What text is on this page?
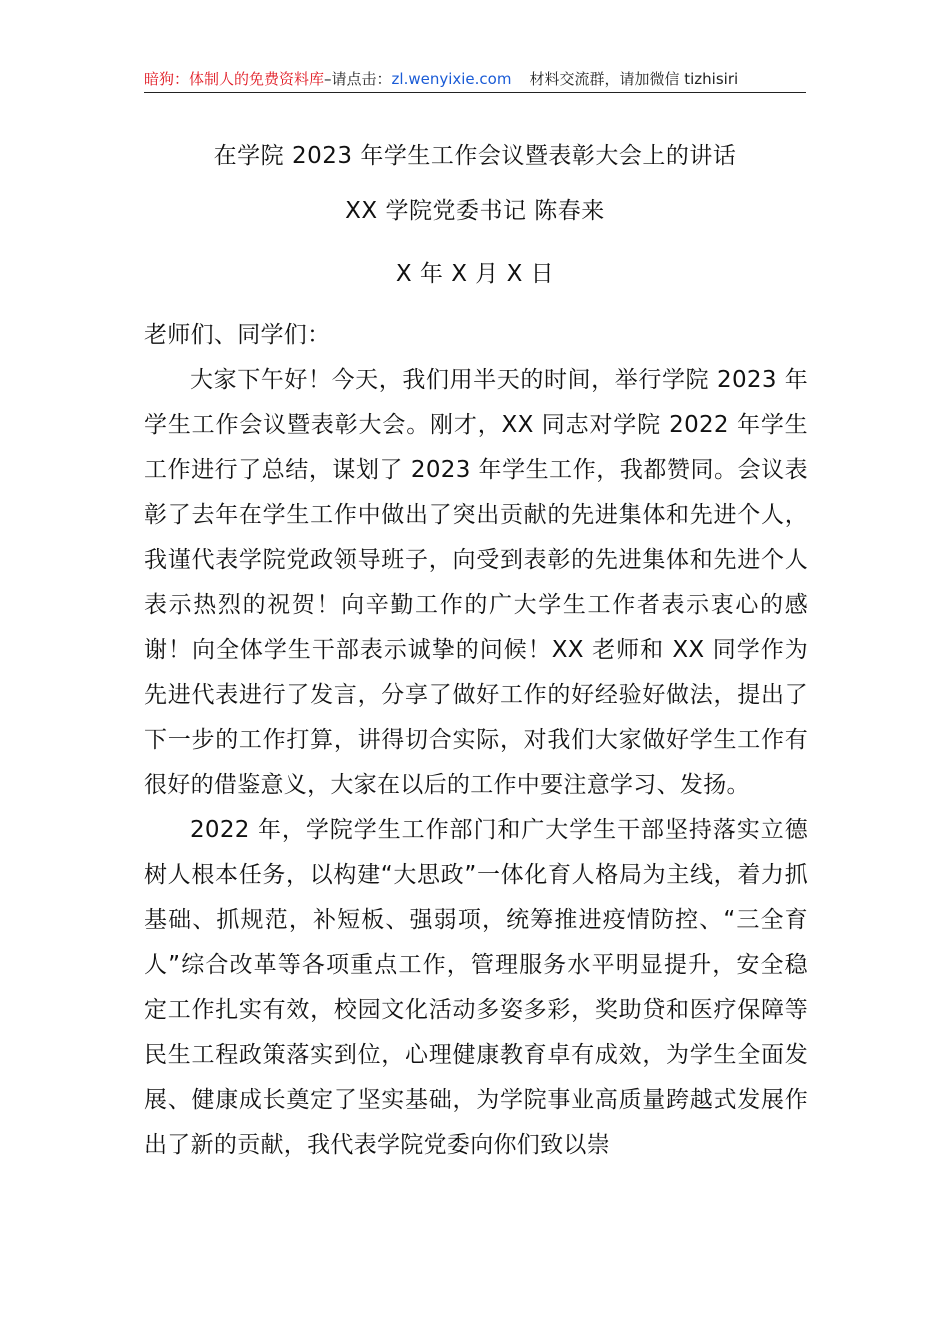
暗狗：体制人的免费资料库–请点击：zl.wenyixie.com 材料交流群，请加微信 tizhisiri
在学院 2023 年学生工作会议暨表彰大会上的讲话
XX 学院党委书记 陈春来
X 年 X 月 X 日

老师们、同学们：

大家下午好！今天，我们用半天的时间，举行学院 2023 年学生工作会议暨表彰大会。刚才，XX 同志对学院 2022 年学生工作进行了总结，谋划了 2023 年学生工作，我都赞同。会议表彰了去年在学生工作中做出了突出贡献的先进集体和先进个人，我谨代表学院党政领导班子，向受到表彰的先进集体和先进个人表示热烈的祝贺！向辛勤工作的广大学生工作者表示衷心的感谢！向全体学生干部表示诚挚的问候！XX 老师和 XX 同学作为先进代表进行了发言，分享了做好工作的好经验好做法，提出了下一步的工作打算，讲得切合实际，对我们大家做好学生工作有很好的借鉴意义，大家在以后的工作中要注意学习、发扬。

2022 年，学院学生工作部门和广大学生干部坚持落实立德树人根本任务，以构建“大思政”一体化育人格局为主线，着力抓基础、抓规范，补短板、强弱项，统筹推进疫情防控、“三全育人”综合改革等各项重点工作，管理服务水平明显提升，安全稳定工作扎实有效，校园文化活动多姿多彩，奖助贷和医疗保障等民生工程政策落实到位，心理健康教育卓有成效，为学生全面发展、健康成长奠定了坚实基础，为学院事业高质量跨越式发展作出了新的贡献，我代表学院党委向你们致以崇
